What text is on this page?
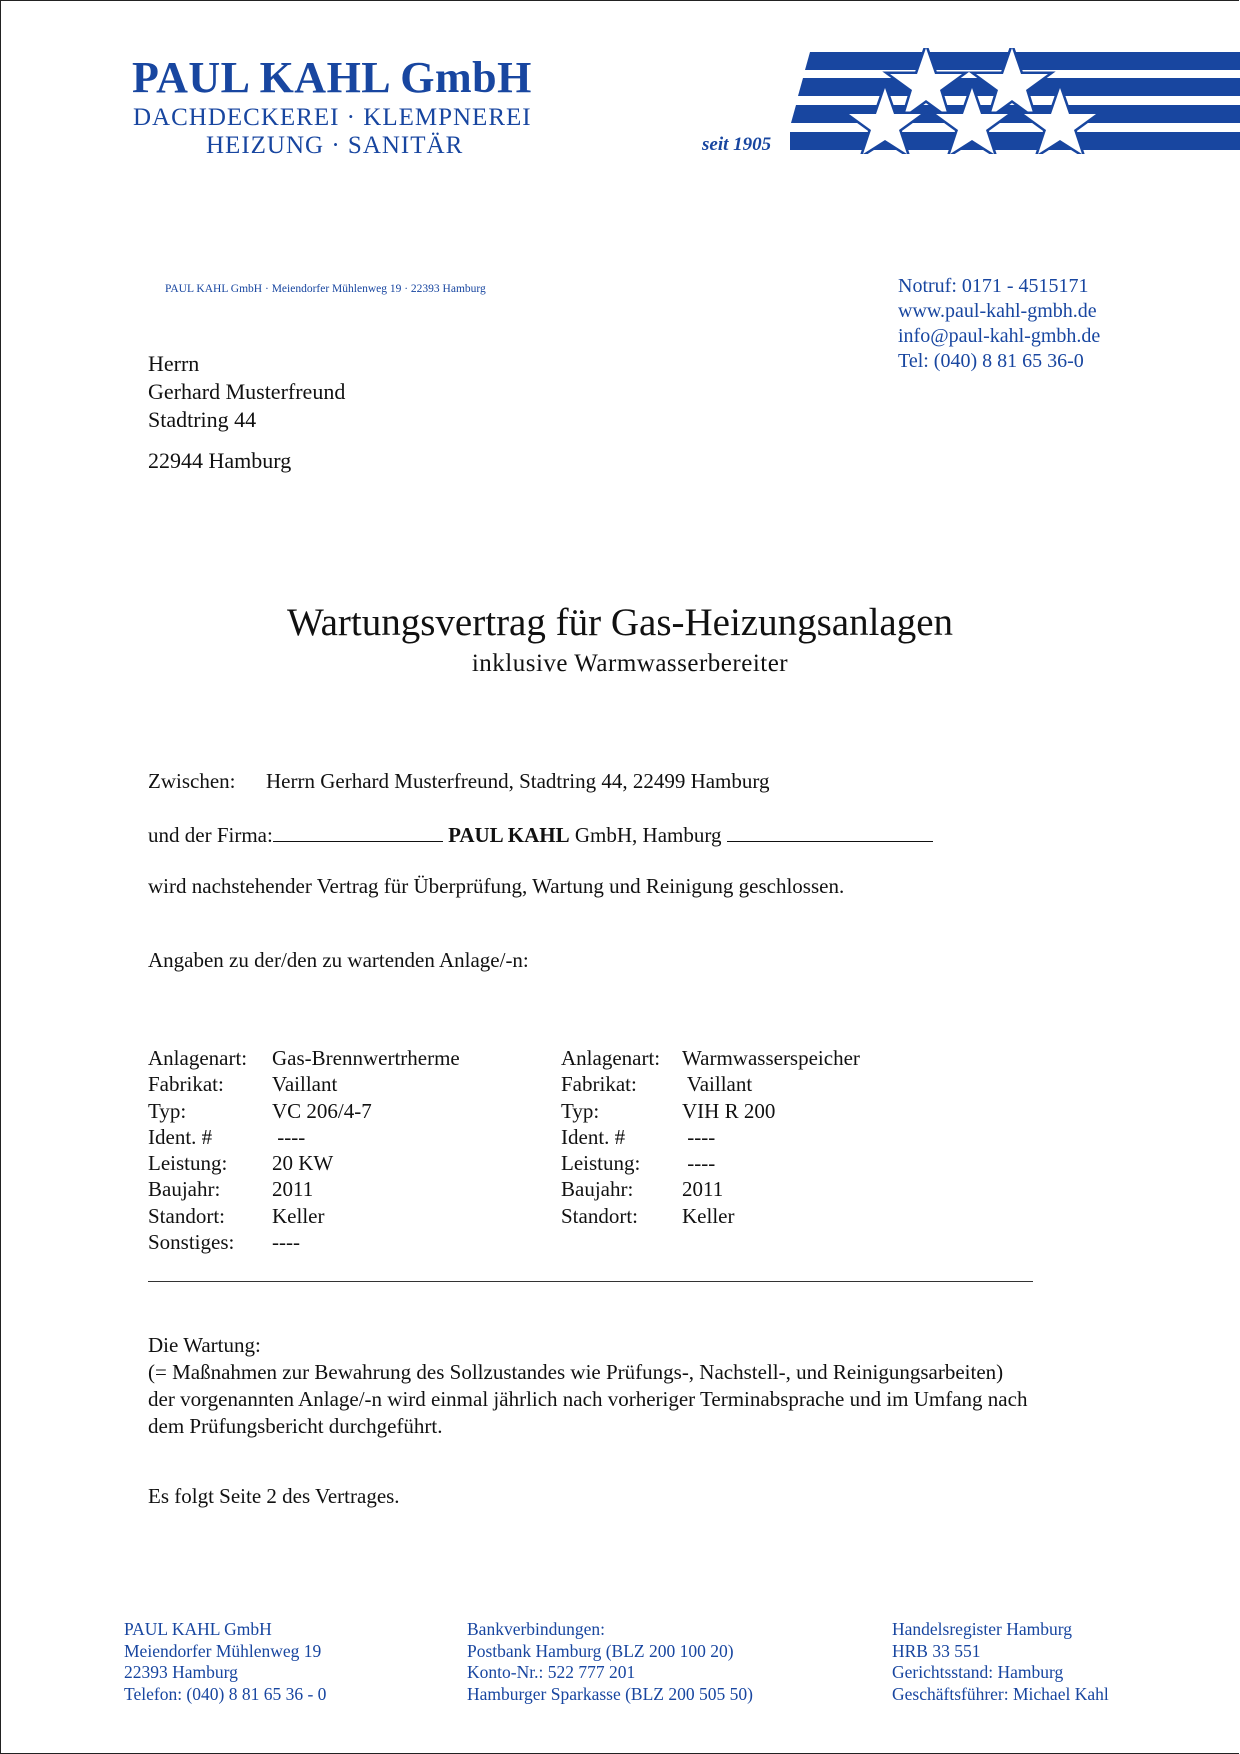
PAUL KAHL GmbH
DACHDECKEREI · KLEMPNEREI
HEIZUNG · SANITÄR	seit 1905
PAUL KAHL GmbH · Meiendorfer Mühlenweg 19 · 22393 Hamburg	Notruf: 0171 - 4515171
www.paul-kahl-gmbh.de
info@paul-kahl-gmbh.de
Tel: (040) 8 81 65 36-0
Herrn
Gerhard Musterfreund
Stadtring 44
22944 Hamburg
Wartungsvertrag für Gas-Heizungsanlagen
inklusive Warmwasserbereiter
Zwischen: Herrn Gerhard Musterfreund, Stadtring 44, 22499 Hamburg
und der Firma:	PAUL KAHL GmbH, Hamburg
wird nachstehender Vertrag für Überprüfung, Wartung und Reinigung geschlossen.
Angaben zu der/den zu wartenden Anlage/-n:
Anlagenart: Gas-Brennwertrherme
Fabrikat: Vaillant
Typ:	VC 206/4-7
Ident. #	----
Leistung: 20 KW
Baujahr: 2011
Standort: Keller
Sonstiges: ----
Anlagenart: Warmwasserspeicher
Fabrikat: Vaillant
Typ:	VIH R 200
Ident. #	----
Leistung: ----
Baujahr: 2011
Standort: Keller
Die Wartung:
(= Maßnahmen zur Bewahrung des Sollzustandes wie Prüfungs-, Nachstell-, und Reinigungsarbeiten)
der vorgenannten Anlage/-n wird einmal jährlich nach vorheriger Terminabsprache und im Umfang nach
dem Prüfungsbericht durchgeführt.
Es folgt Seite 2 des Vertrages.
PAUL KAHL GmbH
Meiendorfer Mühlenweg 19
22393 Hamburg
Telefon: (040) 8 81 65 36 - 0
Bankverbindungen:
Postbank Hamburg (BLZ 200 100 20)
Konto-Nr.: 522 777 201
Hamburger Sparkasse (BLZ 200 505 50)
Handelsregister Hamburg
HRB 33 551
Gerichtsstand: Hamburg
Geschäftsführer: Michael Kahl
